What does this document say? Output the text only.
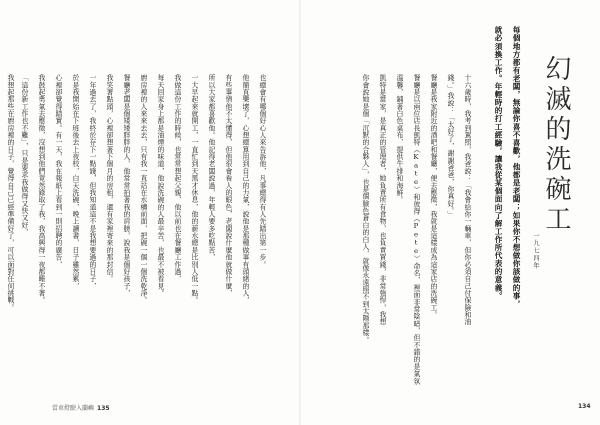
也總會有哪個好心人來告訴他，凡事總得有人先踏出第一步。
他簡直樂壞了，心想總算用到自己的力氣，說他是那種做事有頭緒的人，
有些事情他不太懂得，但他很會看人的眼色，老闆說什麼他就做什麼，
所以大家都喜歡他。他記得老闆說過，年輕人要多吃點苦，
一大早起來就開工，一直忙到天黑才休息，他的薪水總是比別人低一點。
我做這份工作的時候，也常常想起父親，他以前也在餐廳工作過，
每天回家身上都是油煙的味道，他說洗碗的人最辛苦，也最不被看見。
廚房裡的人來來去去，只有我一直站在水槽前面，把碗一個一個洗乾淨。
餐廳老闆是個矮矮胖胖的人，他常常拍著我的肩膀，說我是個好孩子，
我笑著點頭，心裡卻想著下個月的房租，還有家裡寄來的那封信。
一年過去了，我終於存下一點錢，但我知道這不是我想要過的日子，
於是我開始在下班後去上夜校，白天洗碗，晚上讀書，日子雖然累，
心裡卻覺得踏實。有一天，我在報紙上看到一則招聘的廣告，
我鼓起勇氣去應徵，沒想到他們竟然錄取了我，我高興得一夜都睡不著。
「這份新工作也不難」，只是要求我做得又快又好，
我想起那些在廚房裡的日子，覺得自己已經準備好了，可以面對任何挑戰。
當車燈駛入蘭嶼 135
幻滅的洗碗工
一九七四年
每個地方都有老闆，無論你喜不喜歡，他都是老闆；如果你不想做你該做的事，
就必須換工作。年輕時的打工經驗，讓我從某個面向了解工作所代表的意義。
十六歲時，我考到駕照，我爸說：「我會給你一輛車，但你必須自己付保險和油
錢。」我說：「太好了，謝謝爸爸，你真好。」
餐廳是我家附近的酒吧和餐廳，便去應徵，我就是這樣成為這家店的洗碗工。
餐廳是以兩位店長凱特（Kate）和彼得（Pete）命名，裡面非常陰暗，但不錯的是氣氛
溫馨，鋪著白色桌布，提供牛排和海鮮。
凱特是當家，是真正的管理者，她負責所有食物，也負責買錢，非常強悍，我想
你會說她是個「沉默的合夥人」，也是個臉色蒼白的白人，就像永遠照不到太陽那樣。
134
